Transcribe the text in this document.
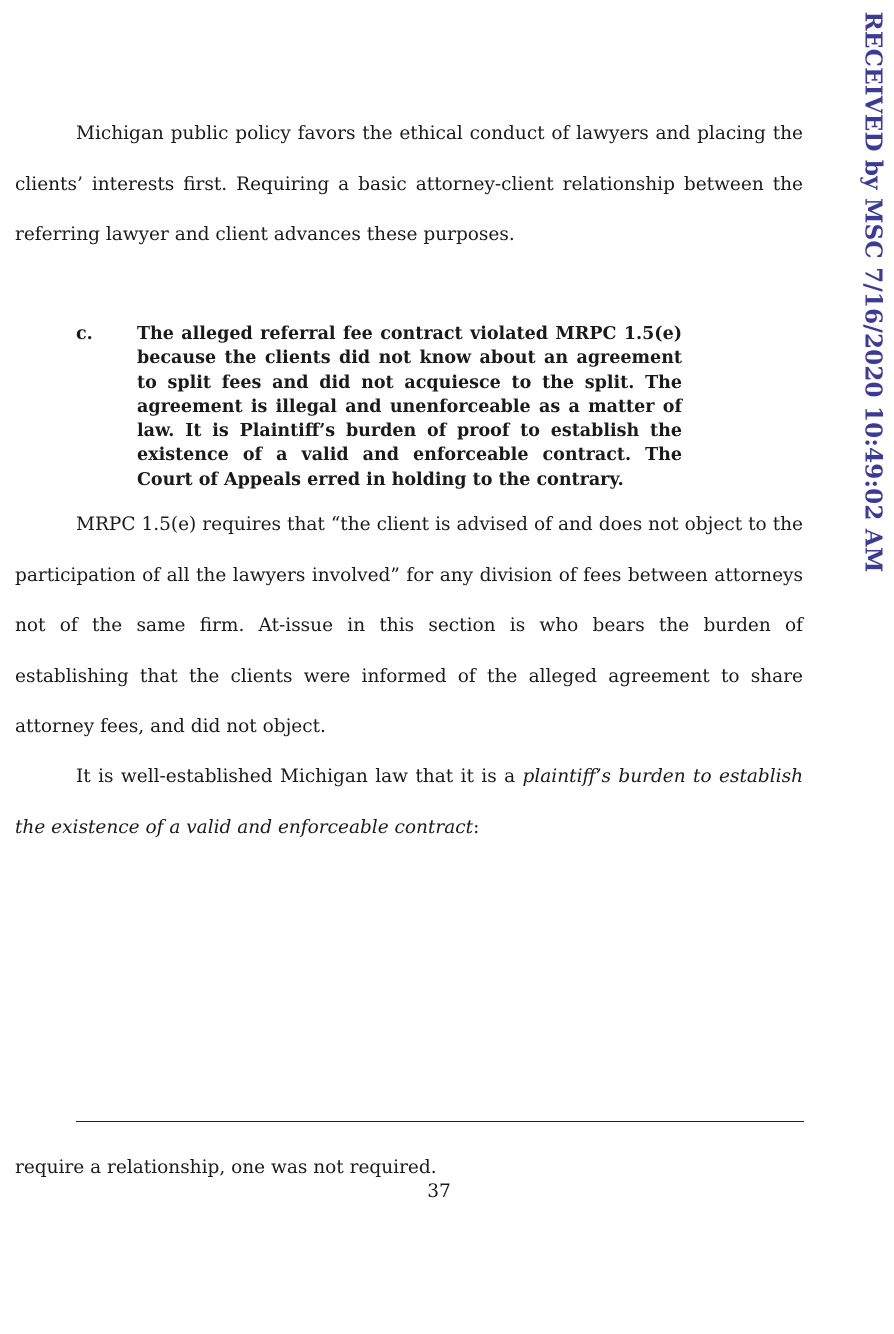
RECEIVED by MSC 7/16/2020 10:49:02 AM

Michigan public policy favors the ethical conduct of lawyers and placing the clients’ interests first. Requiring a basic attorney-client relationship between the referring lawyer and client advances these purposes.

c.	The alleged referral fee contract violated MRPC 1.5(e) because the clients did not know about an agreement to split fees and did not acquiesce to the split. The agreement is illegal and unenforceable as a matter of law. It is Plaintiff’s burden of proof to establish the existence of a valid and enforceable contract. The Court of Appeals erred in holding to the contrary.

MRPC 1.5(e) requires that “the client is advised of and does not object to the participation of all the lawyers involved” for any division of fees between attorneys not of the same firm. At-issue in this section is who bears the burden of establishing that the clients were informed of the alleged agreement to share attorney fees, and did not object.

It is well-established Michigan law that it is a plaintiff’s burden to establish the existence of a valid and enforceable contract:

require a relationship, one was not required.

37
